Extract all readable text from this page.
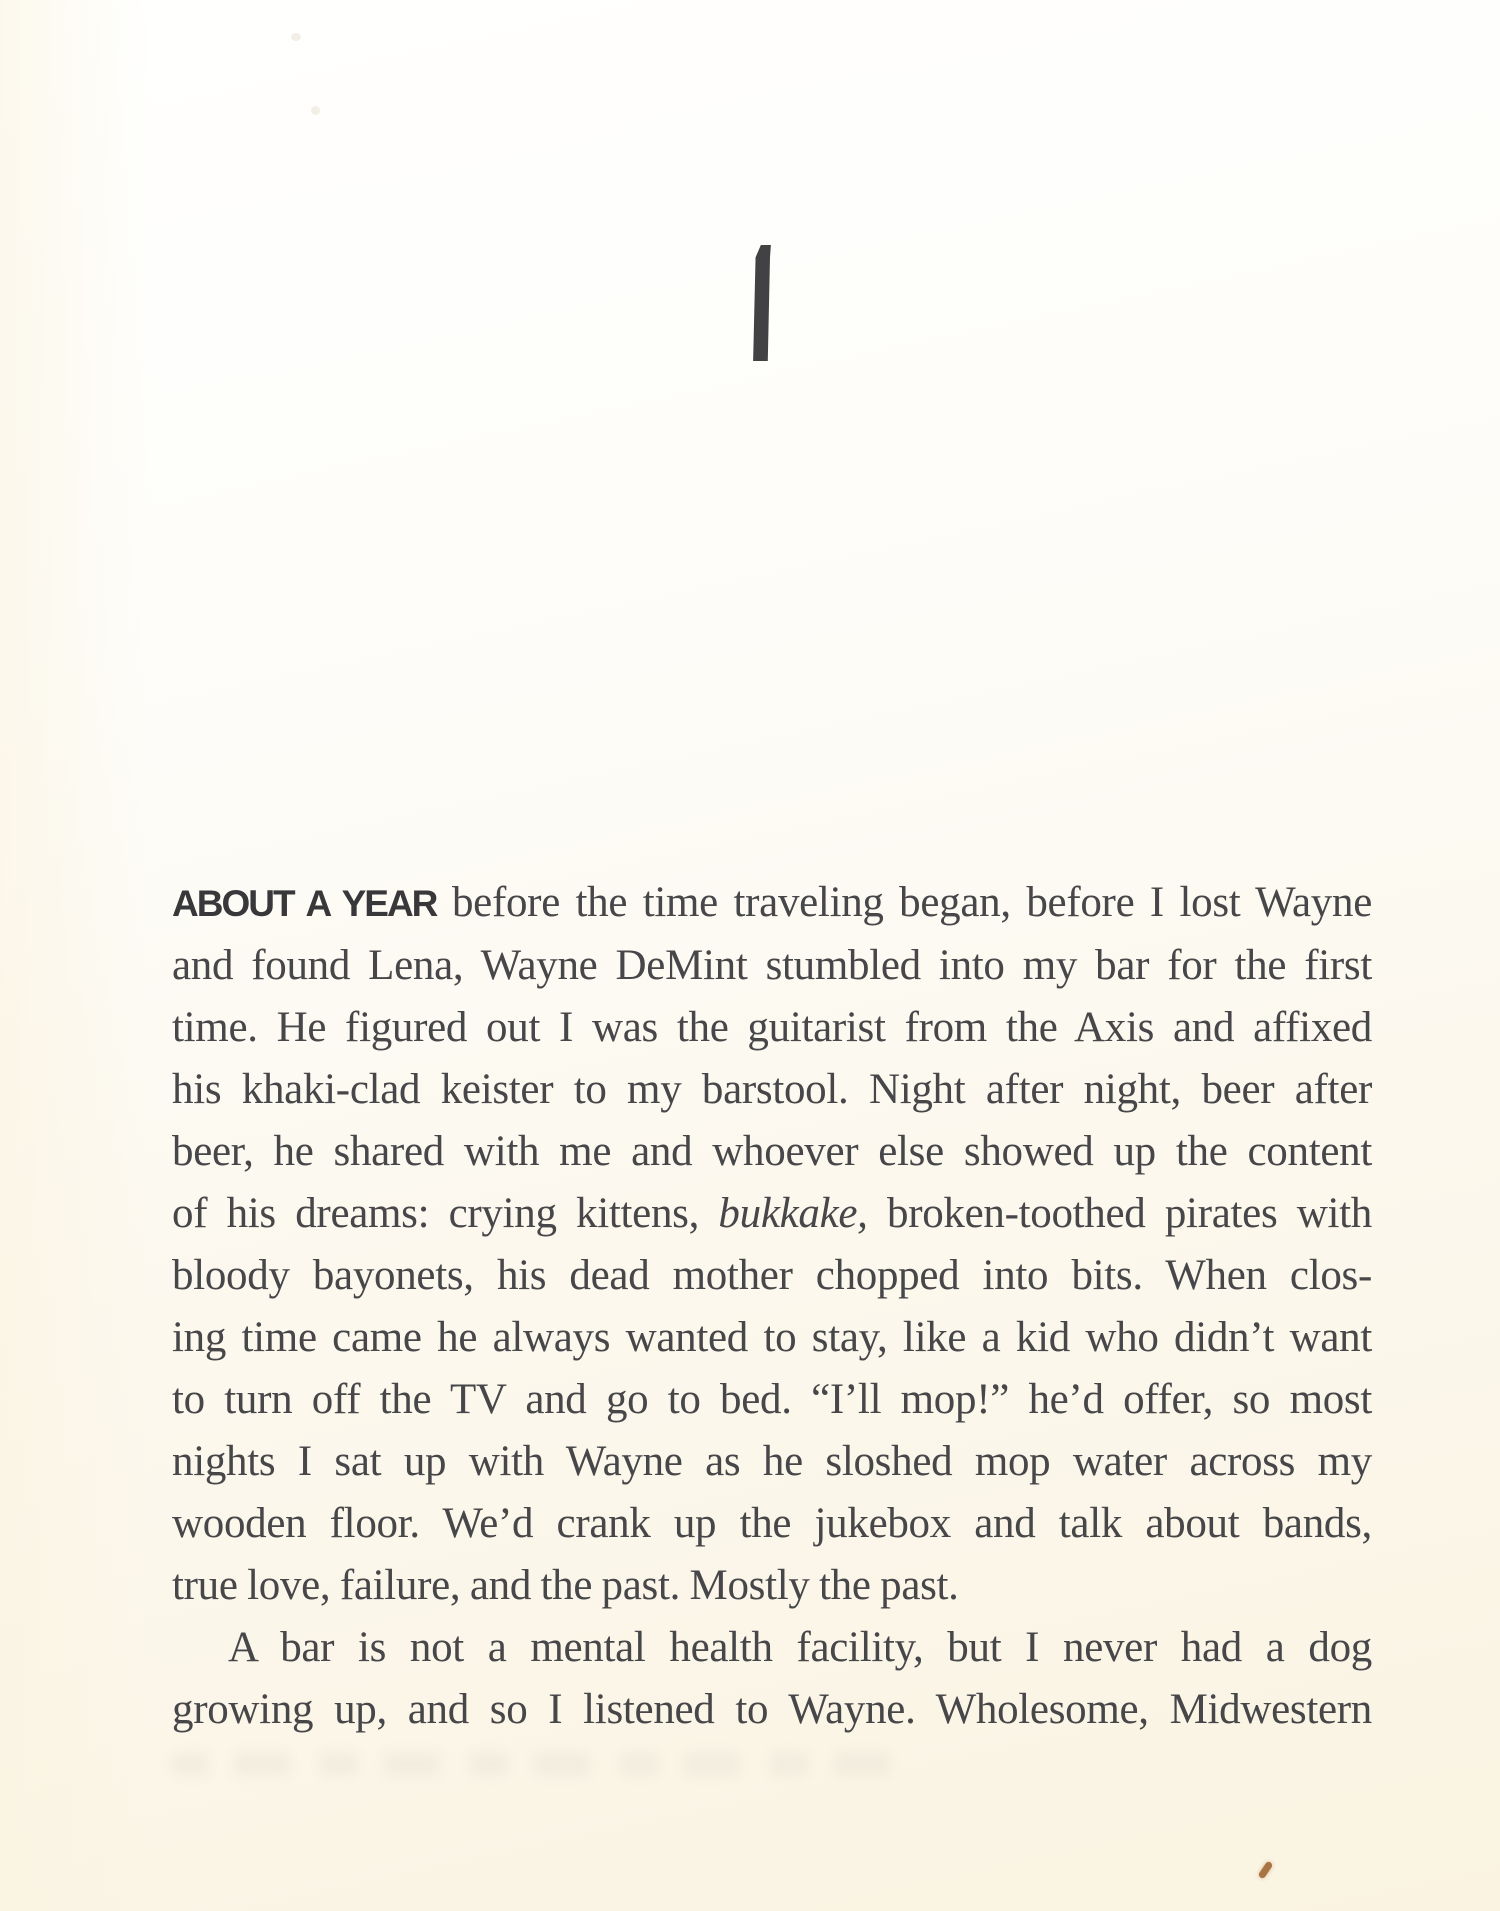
ABOUT A YEAR before the time traveling began, before I lost Wayne
and found Lena, Wayne DeMint stumbled into my bar for the first
time. He figured out I was the guitarist from the Axis and affixed
his khaki-clad keister to my barstool. Night after night, beer after
beer, he shared with me and whoever else showed up the content
of his dreams: crying kittens, bukkake, broken-toothed pirates with
bloody bayonets, his dead mother chopped into bits. When clos-
ing time came he always wanted to stay, like a kid who didn’t want
to turn off the TV and go to bed. “I’ll mop!” he’d offer, so most
nights I sat up with Wayne as he sloshed mop water across my
wooden floor. We’d crank up the jukebox and talk about bands,
true love, failure, and the past. Mostly the past.
A bar is not a mental health facility, but I never had a dog
growing up, and so I listened to Wayne. Wholesome, Midwestern
